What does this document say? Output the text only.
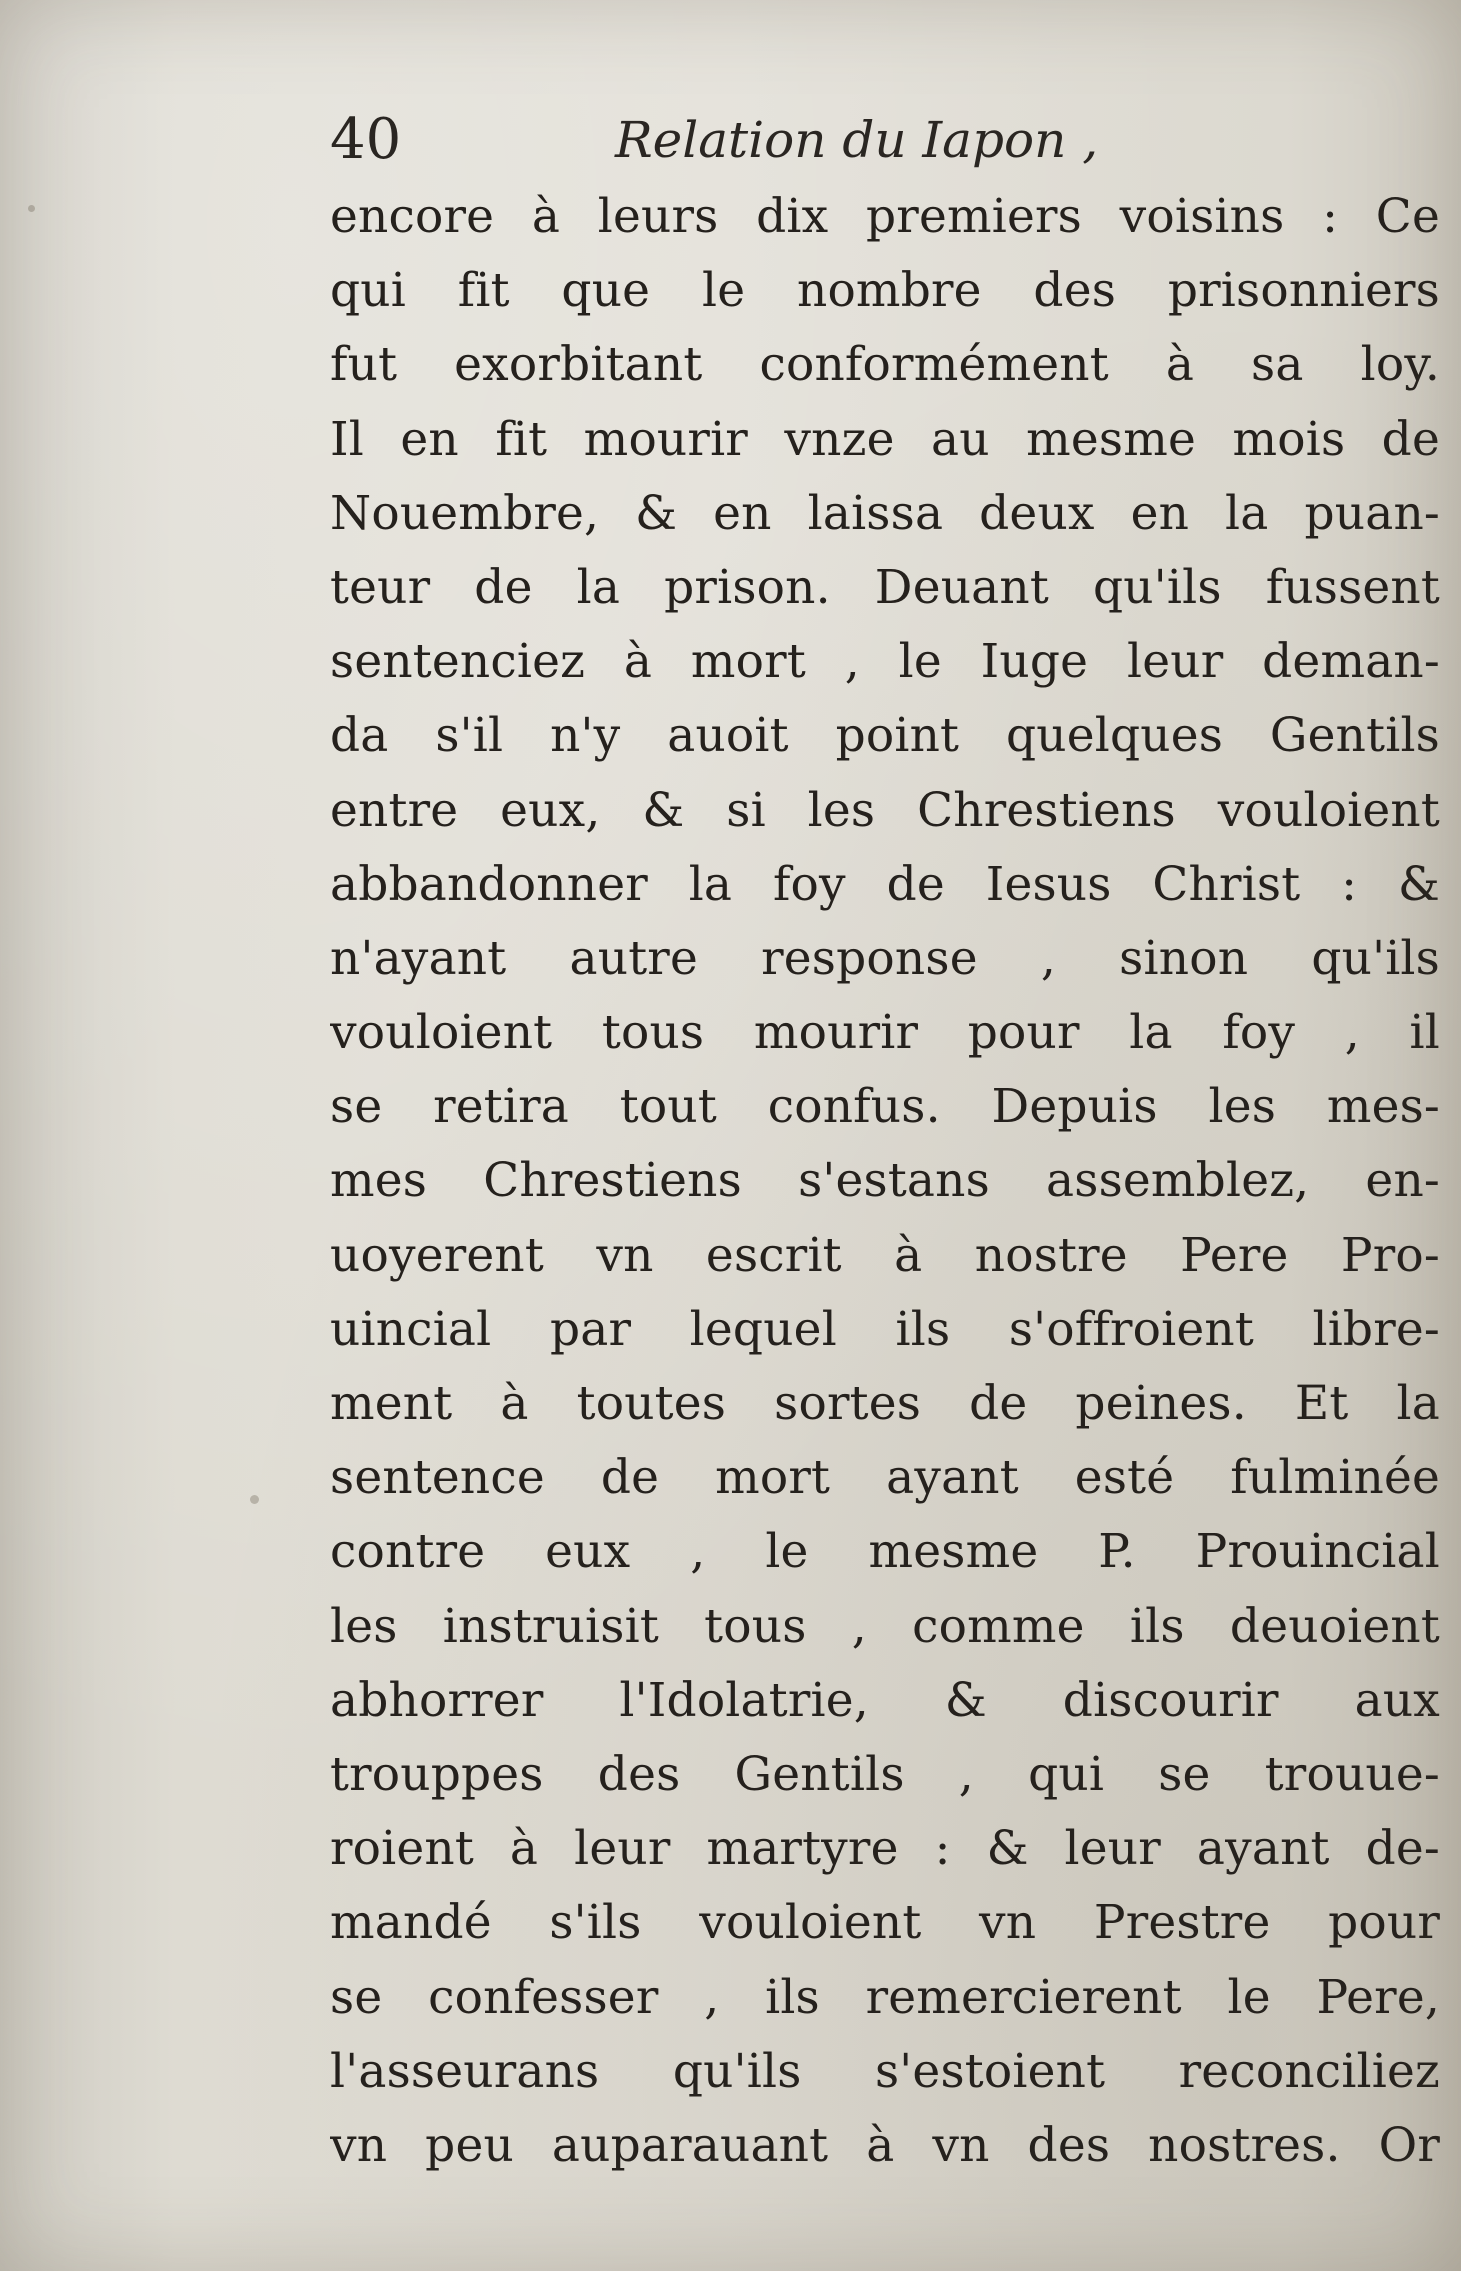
40	Relation du Iapon ,
encore à leurs dix premiers voisins : Ce
qui fit que le nombre des prisonniers
fut exorbitant conformément à sa loy.
Il en fit mourir vnze au mesme mois de
Nouembre, & en laissa deux en la puan-
teur de la prison. Deuant qu'ils fussent
sentenciez à mort , le Iuge leur deman-
da s'il n'y auoit point quelques Gentils
entre eux, & si les Chrestiens vouloient
abbandonner la foy de Iesus Christ : &
n'ayant autre response , sinon qu'ils
vouloient tous mourir pour la foy , il
se retira tout confus. Depuis les mes-
mes Chrestiens s'estans assemblez, en-
uoyerent vn escrit à nostre Pere Pro-
uincial par lequel ils s'offroient libre-
ment à toutes sortes de peines. Et la
sentence de mort ayant esté fulminée
contre eux , le mesme P. Prouincial
les instruisit tous , comme ils deuoient
abhorrer l'Idolatrie, & discourir aux
trouppes des Gentils , qui se trouue-
roient à leur martyre : & leur ayant de-
mandé s'ils vouloient vn Prestre pour
se confesser , ils remercierent le Pere,
l'asseurans qu'ils s'estoient reconciliez
vn peu auparauant à vn des nostres. Or
